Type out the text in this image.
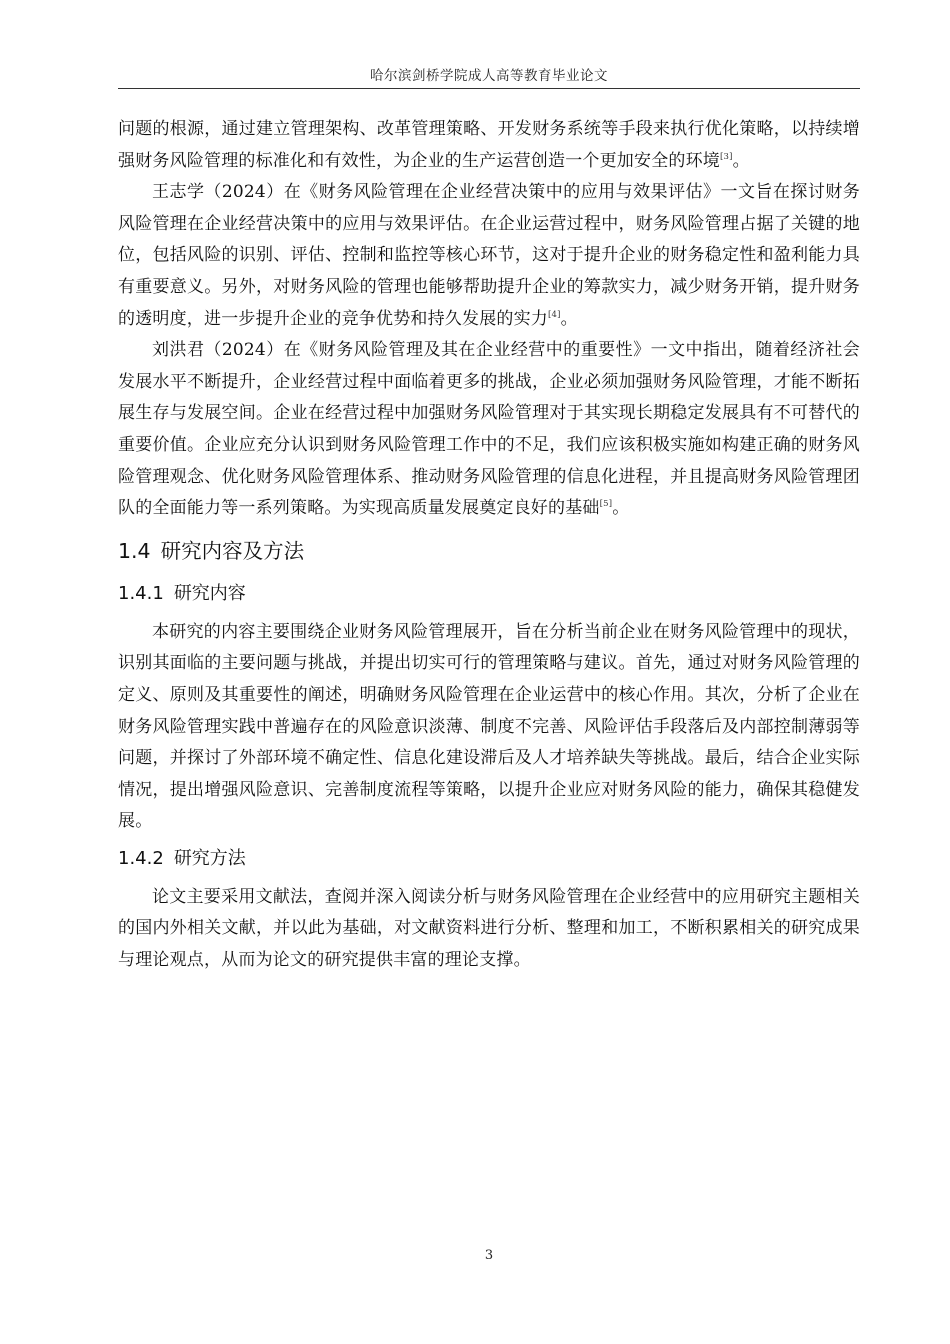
哈尔滨剑桥学院成人高等教育毕业论文

问题的根源，通过建立管理架构、改革管理策略、开发财务系统等手段来执行优化策略，以持续增强财务风险管理的标准化和有效性，为企业的生产运营创造一个更加安全的环境[3]。

王志学（2024）在《财务风险管理在企业经营决策中的应用与效果评估》一文旨在探讨财务风险管理在企业经营决策中的应用与效果评估。在企业运营过程中，财务风险管理占据了关键的地位，包括风险的识别、评估、控制和监控等核心环节，这对于提升企业的财务稳定性和盈利能力具有重要意义。另外，对财务风险的管理也能够帮助提升企业的筹款实力，减少财务开销，提升财务的透明度，进一步提升企业的竞争优势和持久发展的实力[4]。

刘洪君（2024）在《财务风险管理及其在企业经营中的重要性》一文中指出，随着经济社会发展水平不断提升，企业经营过程中面临着更多的挑战，企业必须加强财务风险管理，才能不断拓展生存与发展空间。企业在经营过程中加强财务风险管理对于其实现长期稳定发展具有不可替代的重要价值。企业应充分认识到财务风险管理工作中的不足，我们应该积极实施如构建正确的财务风险管理观念、优化财务风险管理体系、推动财务风险管理的信息化进程，并且提高财务风险管理团队的全面能力等一系列策略。为实现高质量发展奠定良好的基础[5]。

1.4 研究内容及方法
1.4.1 研究内容

本研究的内容主要围绕企业财务风险管理展开，旨在分析当前企业在财务风险管理中的现状，识别其面临的主要问题与挑战，并提出切实可行的管理策略与建议。首先，通过对财务风险管理的定义、原则及其重要性的阐述，明确财务风险管理在企业运营中的核心作用。其次，分析了企业在财务风险管理实践中普遍存在的风险意识淡薄、制度不完善、风险评估手段落后及内部控制薄弱等问题，并探讨了外部环境不确定性、信息化建设滞后及人才培养缺失等挑战。最后，结合企业实际情况，提出增强风险意识、完善制度流程等策略，以提升企业应对财务风险的能力，确保其稳健发展。

1.4.2 研究方法

论文主要采用文献法，查阅并深入阅读分析与财务风险管理在企业经营中的应用研究主题相关的国内外相关文献，并以此为基础，对文献资料进行分析、整理和加工，不断积累相关的研究成果与理论观点，从而为论文的研究提供丰富的理论支撑。

3
